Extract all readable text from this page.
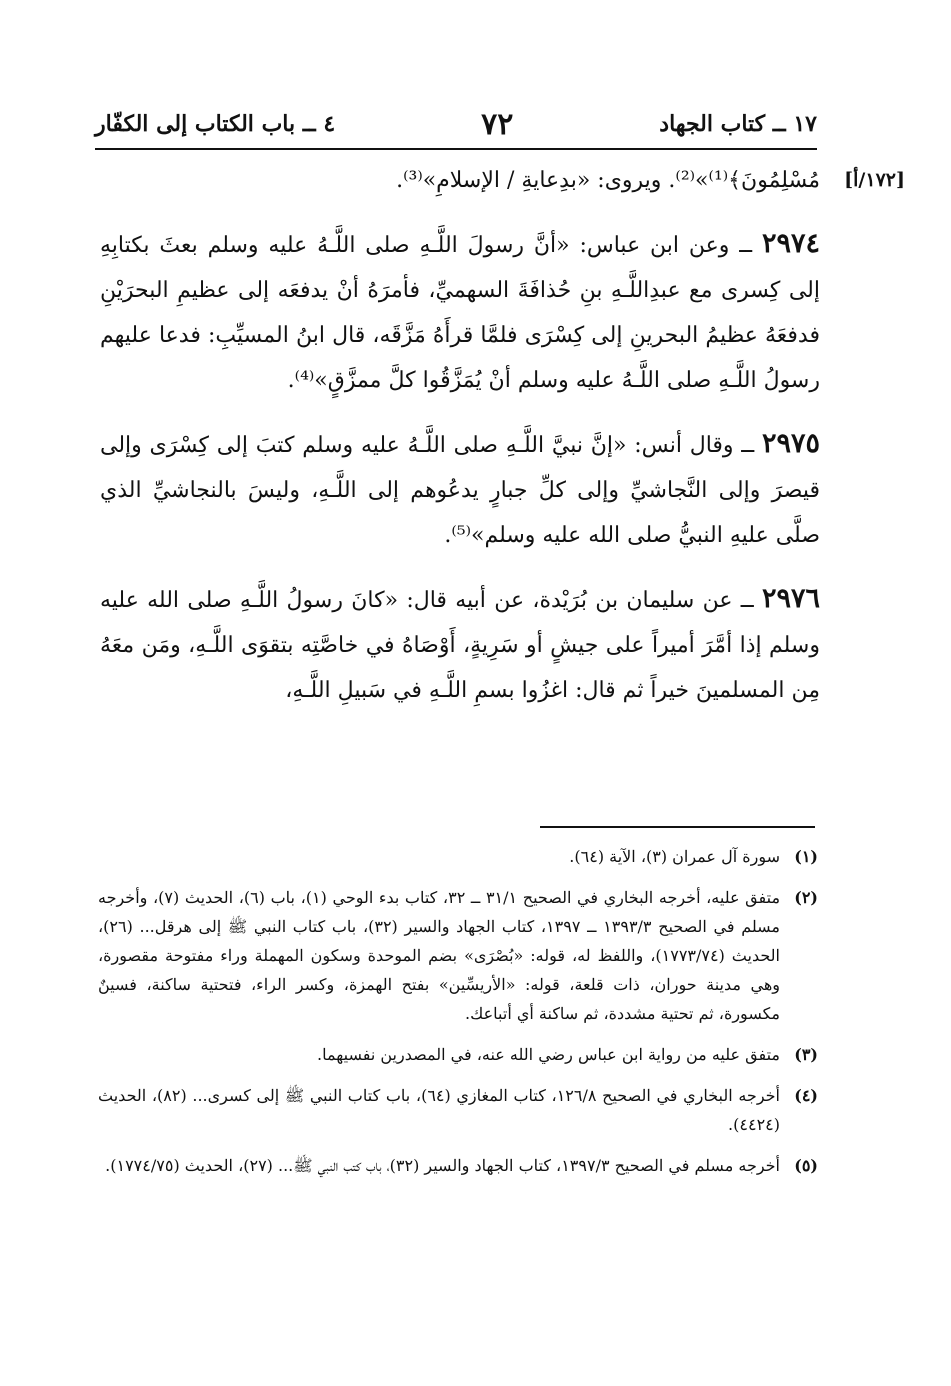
١٧ ــ كتاب الجهاد
٧٢
٤ ــ باب الكتاب إلى الكفّار
[١٧٢/أ]
مُسْلِمُونَ﴾⁽¹⁾»⁽²⁾. ويروى: «بدِعايةِ / الإسلامِ»⁽³⁾.

٢٩٧٤ ــ وعن ابن عباس: «أنَّ رسولَ اللَّـهِ صلى اللَّـهُ عليه وسلم بعثَ بكتابِهِ إلى كِسرى مع عبدِاللَّـهِ بنِ حُذافَةَ السهميِّ، فأمرَهُ أنْ يدفعَه إلى عظيمِ البحرَيْنِ فدفعَهُ عظيمُ البحرينِ إلى كِسْرَى فلمَّا قرأَهُ مَزَّقَه، قال ابنُ المسيِّبِ: فدعا عليهم رسولُ اللَّـهِ صلى اللَّـهُ عليه وسلم أنْ يُمَزَّقُوا كلَّ ممزَّقٍ»⁽⁴⁾.

٢٩٧٥ ــ وقال أنس: «إنَّ نبيَّ اللَّـهِ صلى اللَّـهُ عليه وسلم كتبَ إلى كِسْرَى وإلى قيصرَ وإلى النَّجاشيِّ وإلى كلِّ جبارٍ يدعُوهم إلى اللَّـهِ، وليسَ بالنجاشيِّ الذي صلَّى عليهِ النبيُّ صلى الله عليه وسلم»⁽⁵⁾.

٢٩٧٦ ــ عن سليمان بن بُرَيْدة، عن أبيه قال: «كانَ رسولُ اللَّـهِ صلى الله عليه وسلم إذا أمَّرَ أميراً على جيشٍ أو سَرِيةٍ، أَوْصَاهُ في خاصَّتِه بتقوَى اللَّـهِ، ومَن معَهُ مِن المسلمينَ خيراً ثم قال: اغزُوا بسمِ اللَّـهِ في سَبيلِ اللَّـهِ،

(١)
سورة آل عمران (٣)، الآية (٦٤).
(٢)
متفق عليه، أخرجه البخاري في الصحيح ٣١/١ ــ ٣٢، كتاب بدء الوحي (١)، باب (٦)، الحديث (٧)، وأخرجه مسلم في الصحيح ١٣٩٣/٣ ــ ١٣٩٧، كتاب الجهاد والسير (٣٢)، باب كتاب النبي ﷺ إلى هرقل... (٢٦)، الحديث (١٧٧٣/٧٤)، واللفظ له، قوله: «بُصْرَى» بضم الموحدة وسكون المهملة وراء مفتوحة مقصورة، وهي مدينة حوران، ذات قلعة، قوله: «الأريسِّين» بفتح الهمزة، وكسر الراء، فتحتية ساكنة، فسينٌ مكسورة، ثم تحتية مشددة، ثم ساكنة أي أتباعك.
(٣)
متفق عليه من رواية ابن عباس رضي الله عنه، في المصدرين نفسيهما.
(٤)
أخرجه البخاري في الصحيح ١٢٦/٨، كتاب المغازي (٦٤)، باب كتاب النبي ﷺ إلى كسرى... (٨٢)، الحديث (٤٤٢٤).
(٥)
أخرجه مسلم في الصحيح ١٣٩٧/٣، كتاب الجهاد والسير (٣٢)، باب كتب النبي ﷺ... (٢٧)، الحديث (١٧٧٤/٧٥).
